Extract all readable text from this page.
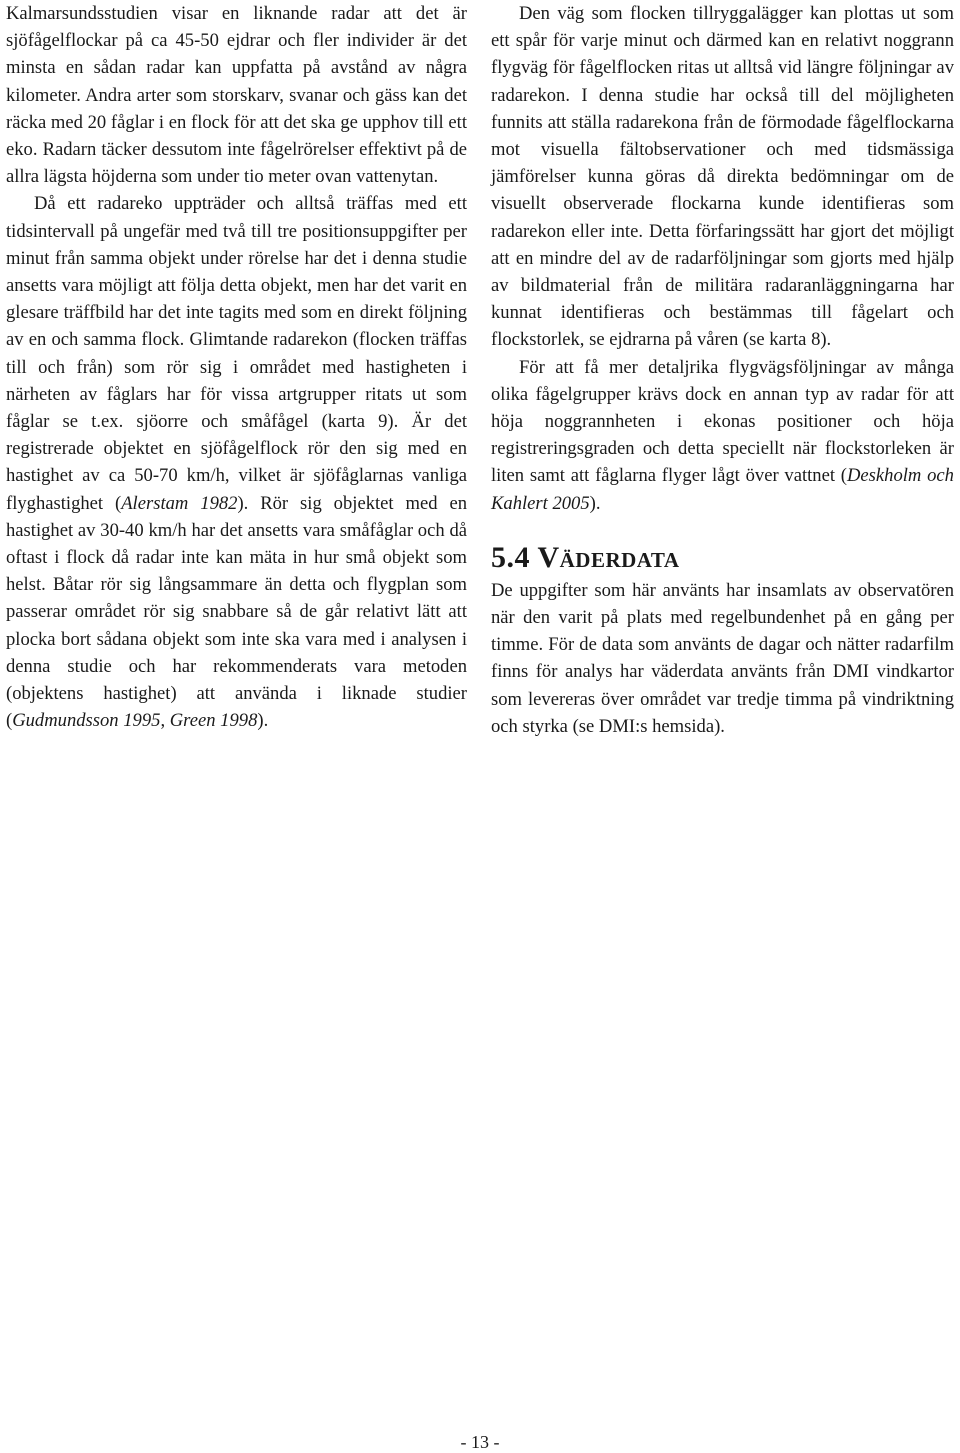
Kalmarsundsstudien visar en liknande radar att det är sjöfågelflockar på ca 45-50 ejdrar och fler individer är det minsta en sådan radar kan uppfatta på avstånd av några kilometer. Andra arter som storskarv, svanar och gäss kan det räcka med 20 fåglar i en flock för att det ska ge upphov till ett eko. Radarn täcker dessutom inte fågelrörelser effektivt på de allra lägsta höjderna som under tio meter ovan vattenytan.

Då ett radareko uppträder och alltså träffas med ett tidsintervall på ungefär med två till tre positionsuppgifter per minut från samma objekt under rörelse har det i denna studie ansetts vara möjligt att följa detta objekt, men har det varit en glesare träffbild har det inte tagits med som en direkt följning av en och samma flock. Glimtande radarekon (flocken träffas till och från) som rör sig i området med hastigheten i närheten av fåglars har för vissa artgrupper ritats ut som fåglar se t.ex. sjöorre och småfågel (karta 9). Är det registrerade objektet en sjöfågelflock rör den sig med en hastighet av ca 50-70 km/h, vilket är sjöfåglarnas vanliga flyghastighet (Alerstam 1982). Rör sig objektet med en hastighet av 30-40 km/h har det ansetts vara småfåglar och då oftast i flock då radar inte kan mäta in hur små objekt som helst. Båtar rör sig långsammare än detta och flygplan som passerar området rör sig snabbare så de går relativt lätt att plocka bort sådana objekt som inte ska vara med i analysen i denna studie och har rekommenderats vara metoden (objektens hastighet) att använda i liknade studier (Gudmundsson 1995, Green 1998).

Den väg som flocken tillryggalägger kan plottas ut som ett spår för varje minut och därmed kan en relativt noggrann flygväg för fågelflocken ritas ut alltså vid längre följningar av radarekon. I denna studie har också till del möjligheten funnits att ställa radarekona från de förmodade fågelflockarna mot visuella fältobservationer och med tidsmässiga jämförelser kunna göras då direkta bedömningar om de visuellt observerade flockarna kunde identifieras som radarekon eller inte. Detta förfaringssätt har gjort det möjligt att en mindre del av de radarföljningar som gjorts med hjälp av bildmaterial från de militära radaranläggningarna har kunnat identifieras och bestämmas till fågelart och flockstorlek, se ejdrarna på våren (se karta 8).

För att få mer detaljrika flygvägsföljningar av många olika fågelgrupper krävs dock en annan typ av radar för att höja noggrannheten i ekonas positioner och höja registreringsgraden och detta speciellt när flockstorleken är liten samt att fåglarna flyger lågt över vattnet (Deskholm och Kahlert 2005).

5.4 Väderdata

De uppgifter som här använts har insamlats av observatören när den varit på plats med regelbundenhet på en gång per timme. För de data som använts de dagar och nätter radarfilm finns för analys har väderdata använts från DMI vindkartor som levereras över området var tredje timma på vindriktning och styrka (se DMI:s hemsida).

- 13 -
